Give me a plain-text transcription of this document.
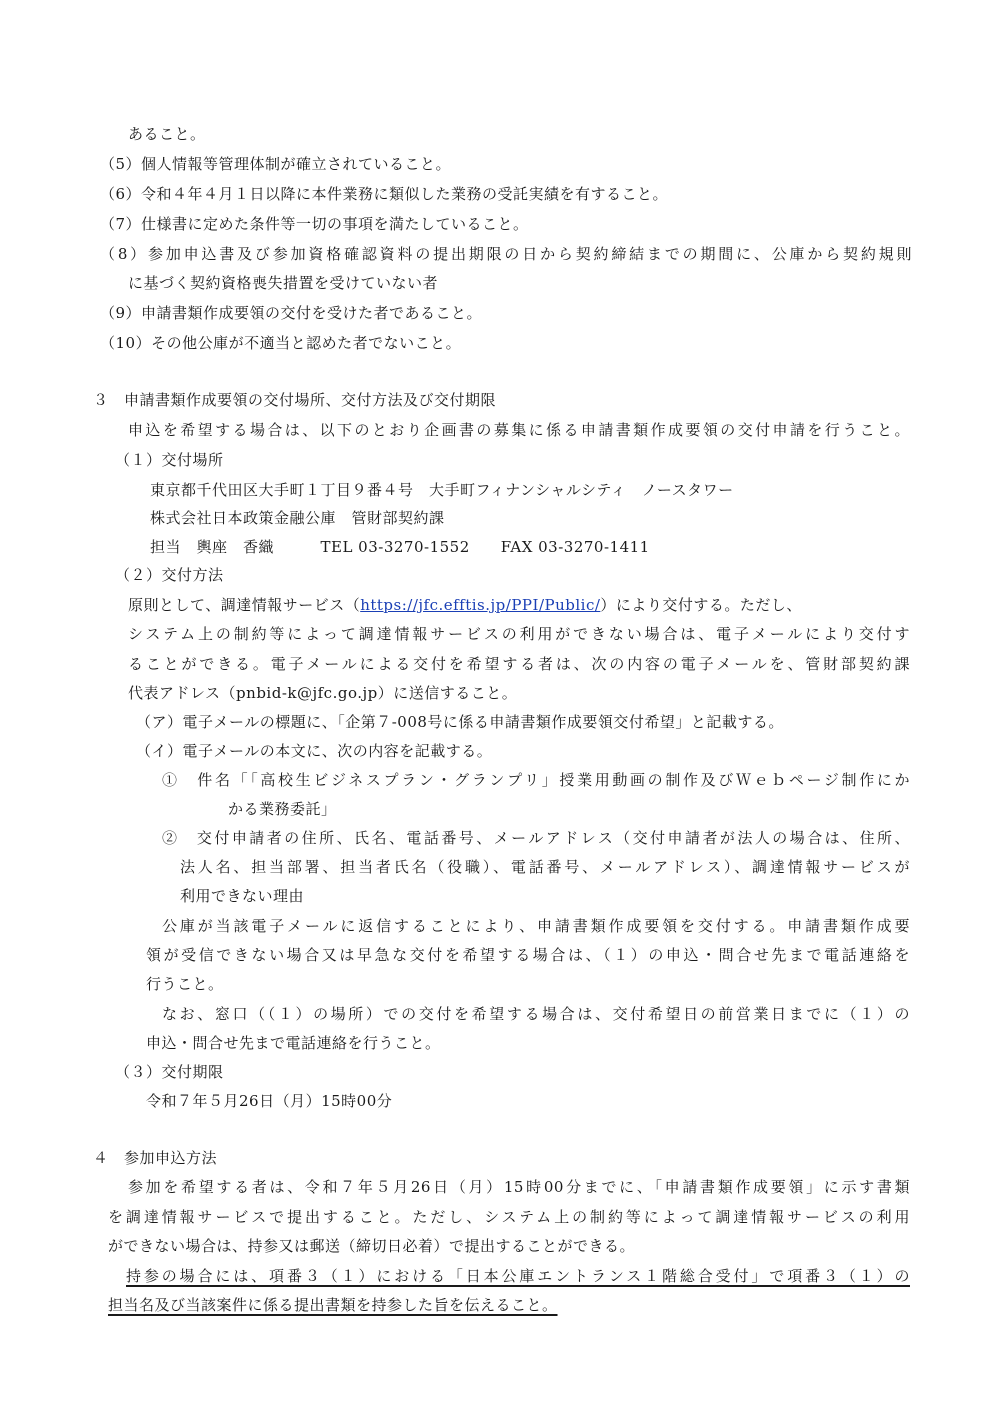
あること。
（5）個人情報等管理体制が確立されていること。
（6）令和４年４月１日以降に本件業務に類似した業務の受託実績を有すること。
（7）仕様書に定めた条件等一切の事項を満たしていること。
（8）参加申込書及び参加資格確認資料の提出期限の日から契約締結までの期間に、公庫から契約規則
に基づく契約資格喪失措置を受けていない者
（9）申請書類作成要領の交付を受けた者であること。
（10）その他公庫が不適当と認めた者でないこと。
３　申請書類作成要領の交付場所、交付方法及び交付期限
申込を希望する場合は、以下のとおり企画書の募集に係る申請書類作成要領の交付申請を行うこと。
（１）交付場所
東京都千代田区大手町１丁目９番４号　大手町フィナンシャルシティ　ノースタワー
株式会社日本政策金融公庫　管財部契約課
担当　輿座　香織　　　TEL 03-3270-1552　　FAX 03-3270-1411
（２）交付方法
原則として、調達情報サービス（https://jfc.efftis.jp/PPI/Public/）により交付する。ただし、
システム上の制約等によって調達情報サービスの利用ができない場合は、電子メールにより交付す
ることができる。電子メールによる交付を希望する者は、次の内容の電子メールを、管財部契約課
代表アドレス（pnbid-k@jfc.go.jp）に送信すること。
（ア）電子メールの標題に、「企第７-008号に係る申請書類作成要領交付希望」と記載する。
（イ）電子メールの本文に、次の内容を記載する。
①　件名「「高校生ビジネスプラン・グランプリ」授業用動画の制作及びＷｅｂページ制作にか
かる業務委託」
②　交付申請者の住所、氏名、電話番号、メールアドレス（交付申請者が法人の場合は、住所、
法人名、担当部署、担当者氏名（役職）、電話番号、メールアドレス）、調達情報サービスが
利用できない理由
公庫が当該電子メールに返信することにより、申請書類作成要領を交付する。申請書類作成要
領が受信できない場合又は早急な交付を希望する場合は、（１）の申込・問合せ先まで電話連絡を
行うこと。
なお、窓口（（１）の場所）での交付を希望する場合は、交付希望日の前営業日までに（１）の
申込・問合せ先まで電話連絡を行うこと。
（３）交付期限
令和７年５月26日（月）15時00分
４　参加申込方法
参加を希望する者は、令和７年５月26日（月）15時00分までに、「申請書類作成要領」に示す書類
を調達情報サービスで提出すること。ただし、システム上の制約等によって調達情報サービスの利用
ができない場合は、持参又は郵送（締切日必着）で提出することができる。
持参の場合には、項番３（１）における「日本公庫エントランス１階総合受付」で項番３（１）の
担当名及び当該案件に係る提出書類を持参した旨を伝えること。
